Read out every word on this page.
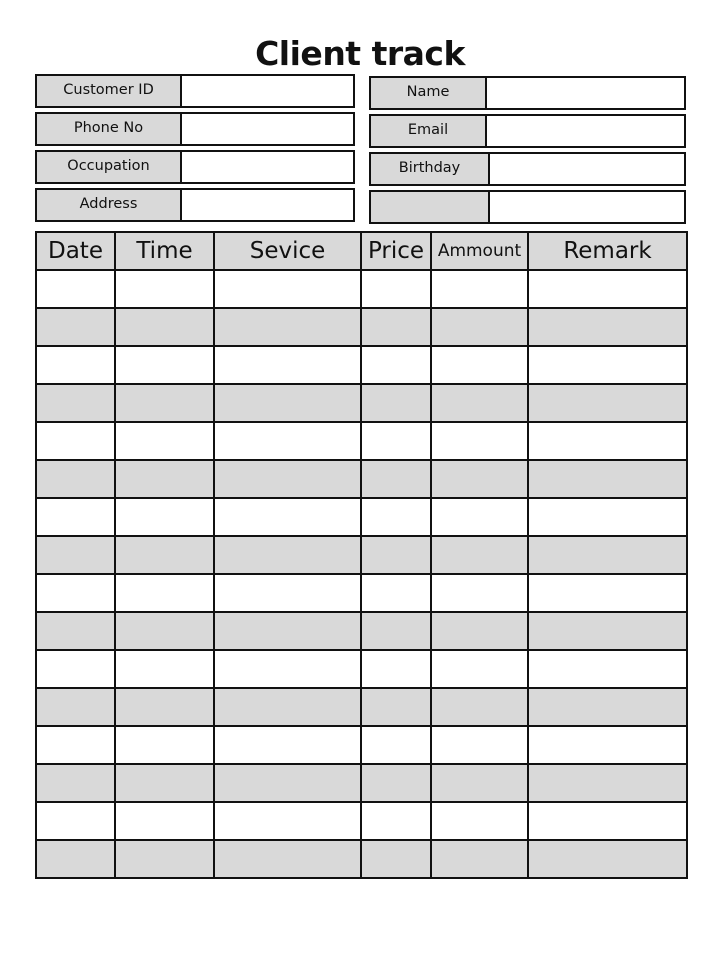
Client track
Customer ID
Phone No
Occupation
Address
Name
Email
Birthday
Date	Time	Sevice	Price	Ammount	Remark
